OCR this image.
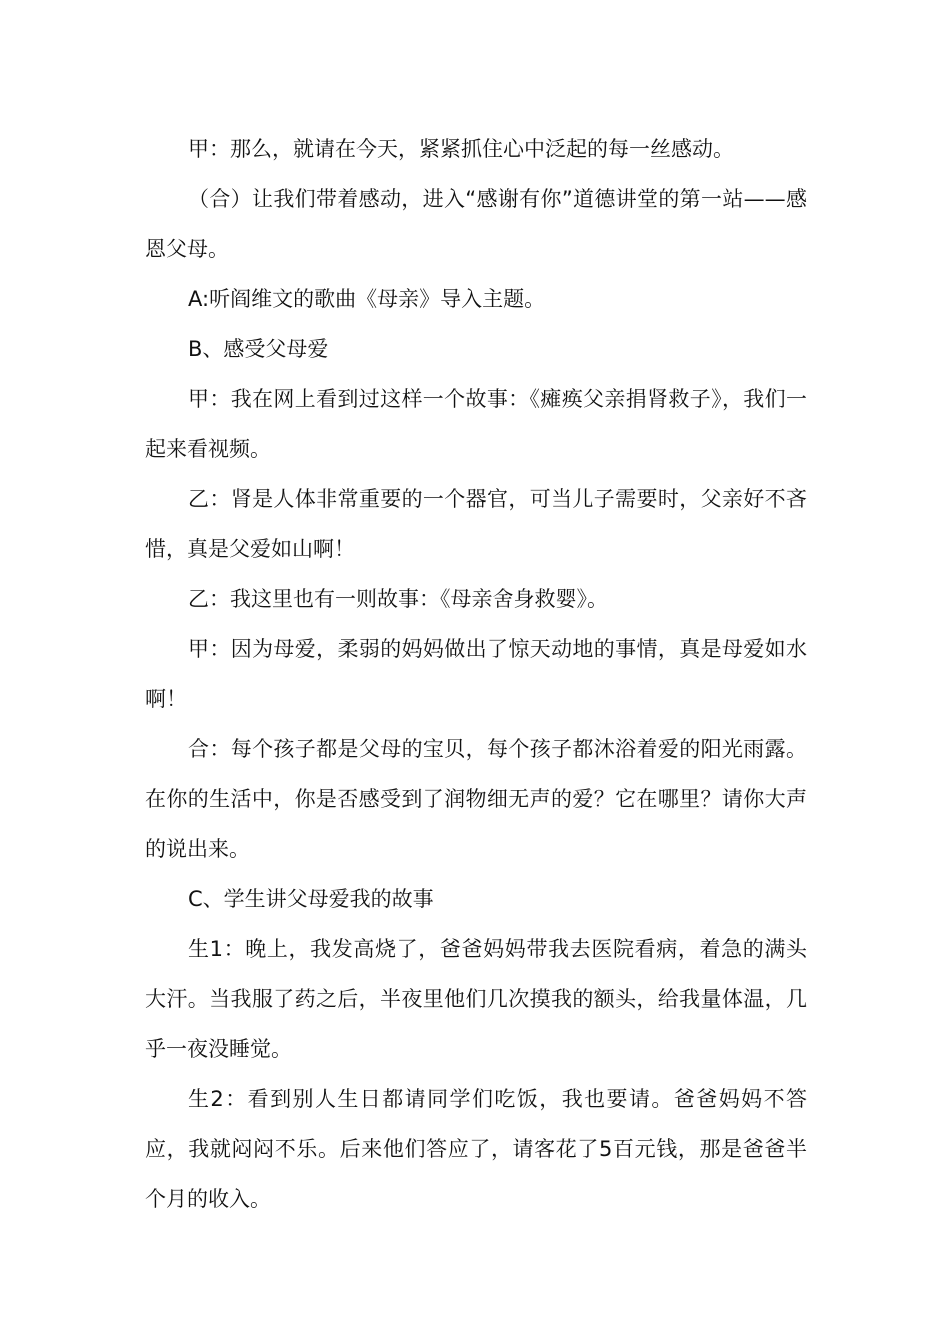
甲：那么，就请在今天，紧紧抓住心中泛起的每一丝感动。

（合）让我们带着感动，进入“感谢有你”道德讲堂的第一站——感恩父母。

A:听阎维文的歌曲《母亲》导入主题。

B、感受父母爱

甲：我在网上看到过这样一个故事：《瘫痪父亲捐肾救子》，我们一起来看视频。

乙：肾是人体非常重要的一个器官，可当儿子需要时，父亲好不吝惜，真是父爱如山啊！

乙：我这里也有一则故事：《母亲舍身救婴》。

甲：因为母爱，柔弱的妈妈做出了惊天动地的事情，真是母爱如水啊！

合：每个孩子都是父母的宝贝，每个孩子都沐浴着爱的阳光雨露。在你的生活中，你是否感受到了润物细无声的爱？它在哪里？请你大声的说出来。

C、学生讲父母爱我的故事

生1：晚上，我发高烧了，爸爸妈妈带我去医院看病，着急的满头大汗。当我服了药之后，半夜里他们几次摸我的额头，给我量体温，几乎一夜没睡觉。

生2：看到别人生日都请同学们吃饭，我也要请。爸爸妈妈不答应，我就闷闷不乐。后来他们答应了，请客花了5百元钱，那是爸爸半个月的收入。
